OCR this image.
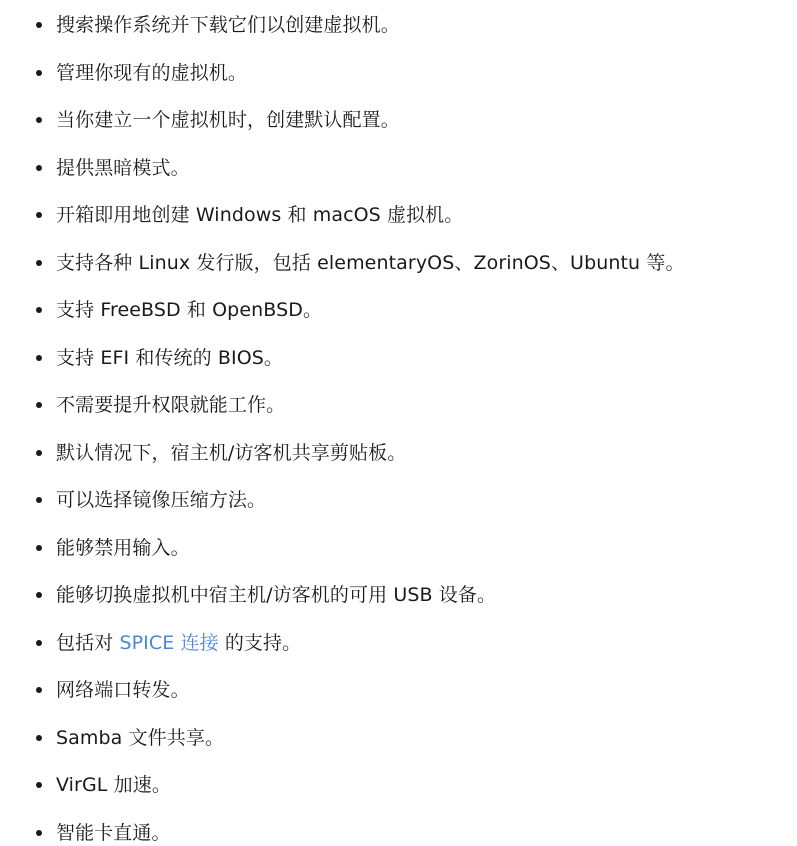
搜索操作系统并下载它们以创建虚拟机。
管理你现有的虚拟机。
当你建立一个虚拟机时，创建默认配置。
提供黑暗模式。
开箱即用地创建 Windows 和 macOS 虚拟机。
支持各种 Linux 发行版，包括 elementaryOS、ZorinOS、Ubuntu 等。
支持 FreeBSD 和 OpenBSD。
支持 EFI 和传统的 BIOS。
不需要提升权限就能工作。
默认情况下，宿主机/访客机共享剪贴板。
可以选择镜像压缩方法。
能够禁用输入。
能够切换虚拟机中宿主机/访客机的可用 USB 设备。
包括对 SPICE 连接 的支持。
网络端口转发。
Samba 文件共享。
VirGL 加速。
智能卡直通。
